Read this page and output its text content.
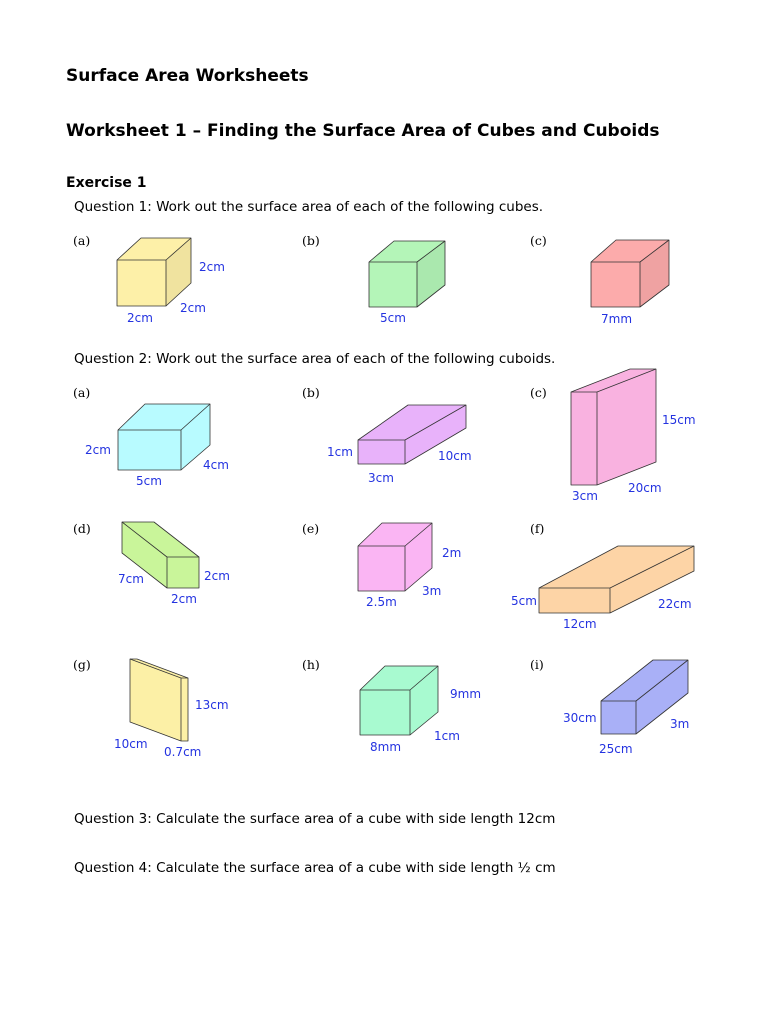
Surface Area Worksheets
Worksheet 1 – Finding the Surface Area of Cubes and Cuboids
Exercise 1
Question 1: Work out the surface area of each of the following cubes.
Question 2: Work out the surface area of each of the following cuboids.
Question 3: Calculate the surface area of a cube with side length 12cm
Question 4: Calculate the surface area of a cube with side length ½ cm
(a)	(b)	(c)
(a)	(b)	(c)
(d)	(e)	(f)
(g)	(h)	(i)
2cm
2cm
2cm	5cm	7mm
2cm
5cm
4cm
1cm
3cm
10cm
15cm
3cm
20cm
7cm	2cm
2cm
2m
3m
2.5m	5cm
12cm
22cm
13cm
10cm
0.7cm
9mm
1cm
8mm
30cm	3m
25cm
